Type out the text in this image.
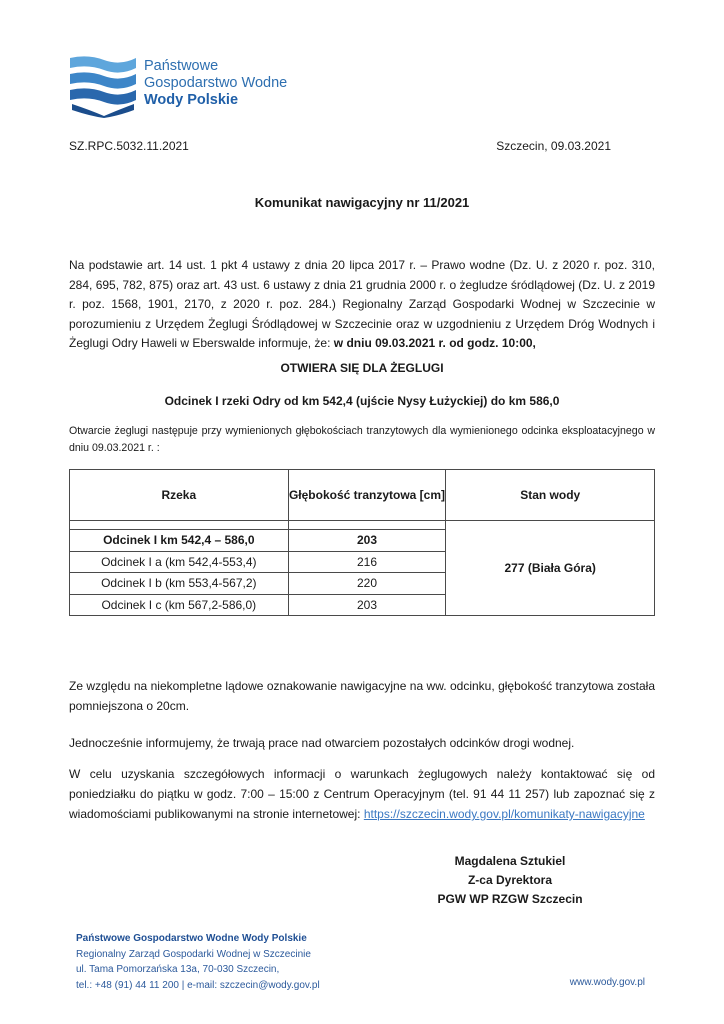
Państwowe
Gospodarstwo Wodne
Wody Polskie
SZ.RPC.5032.11.2021	Szczecin, 09.03.2021
Komunikat nawigacyjny nr 11/2021
Na podstawie art. 14 ust. 1 pkt 4 ustawy z dnia 20 lipca 2017 r. – Prawo wodne (Dz. U. z 2020 r. poz. 310, 284, 695, 782, 875) oraz art. 43 ust. 6 ustawy z dnia 21 grudnia 2000 r. o żegludze śródlądowej (Dz. U. z 2019 r. poz. 1568, 1901, 2170, z 2020 r. poz. 284.) Regionalny Zarząd Gospodarki Wodnej w Szczecinie w porozumieniu z Urzędem Żeglugi Śródlądowej w Szczecinie oraz w uzgodnieniu z Urzędem Dróg Wodnych i Żeglugi Odry Haweli w Eberswalde informuje, że: w dniu 09.03.2021 r. od godz. 10:00,
OTWIERA SIĘ DLA ŻEGLUGI
Odcinek I rzeki Odry od km 542,4 (ujście Nysy Łużyckiej) do km 586,0
Otwarcie żeglugi następuje przy wymienionych głębokościach tranzytowych dla wymienionego odcinka eksploatacyjnego w dniu 09.03.2021 r. :
Rzeka	Głębokość tranzytowa [cm]	Stan wody
		277 (Biała Góra)
Odcinek I km 542,4 – 586,0	203	
Odcinek I a (km 542,4-553,4)	216	
Odcinek I b (km 553,4-567,2)	220	
Odcinek I c (km 567,2-586,0)	203	
Ze względu na niekompletne lądowe oznakowanie nawigacyjne na ww. odcinku, głębokość tranzytowa została pomniejszona o 20cm.
Jednocześnie informujemy, że trwają prace nad otwarciem pozostałych odcinków drogi wodnej.
W celu uzyskania szczegółowych informacji o warunkach żeglugowych należy kontaktować się od poniedziałku do piątku w godz. 7:00 – 15:00 z Centrum Operacyjnym (tel. 91 44 11 257) lub zapoznać się z wiadomościami publikowanymi na stronie internetowej: https://szczecin.wody.gov.pl/komunikaty-nawigacyjne
Magdalena Sztukiel
Z-ca Dyrektora
PGW WP RZGW Szczecin
Państwowe Gospodarstwo Wodne Wody Polskie
Regionalny Zarząd Gospodarki Wodnej w Szczecinie
ul. Tama Pomorzańska 13a, 70-030 Szczecin,
tel.: +48 (91) 44 11 200 | e-mail: szczecin@wody.gov.pl	www.wody.gov.pl
